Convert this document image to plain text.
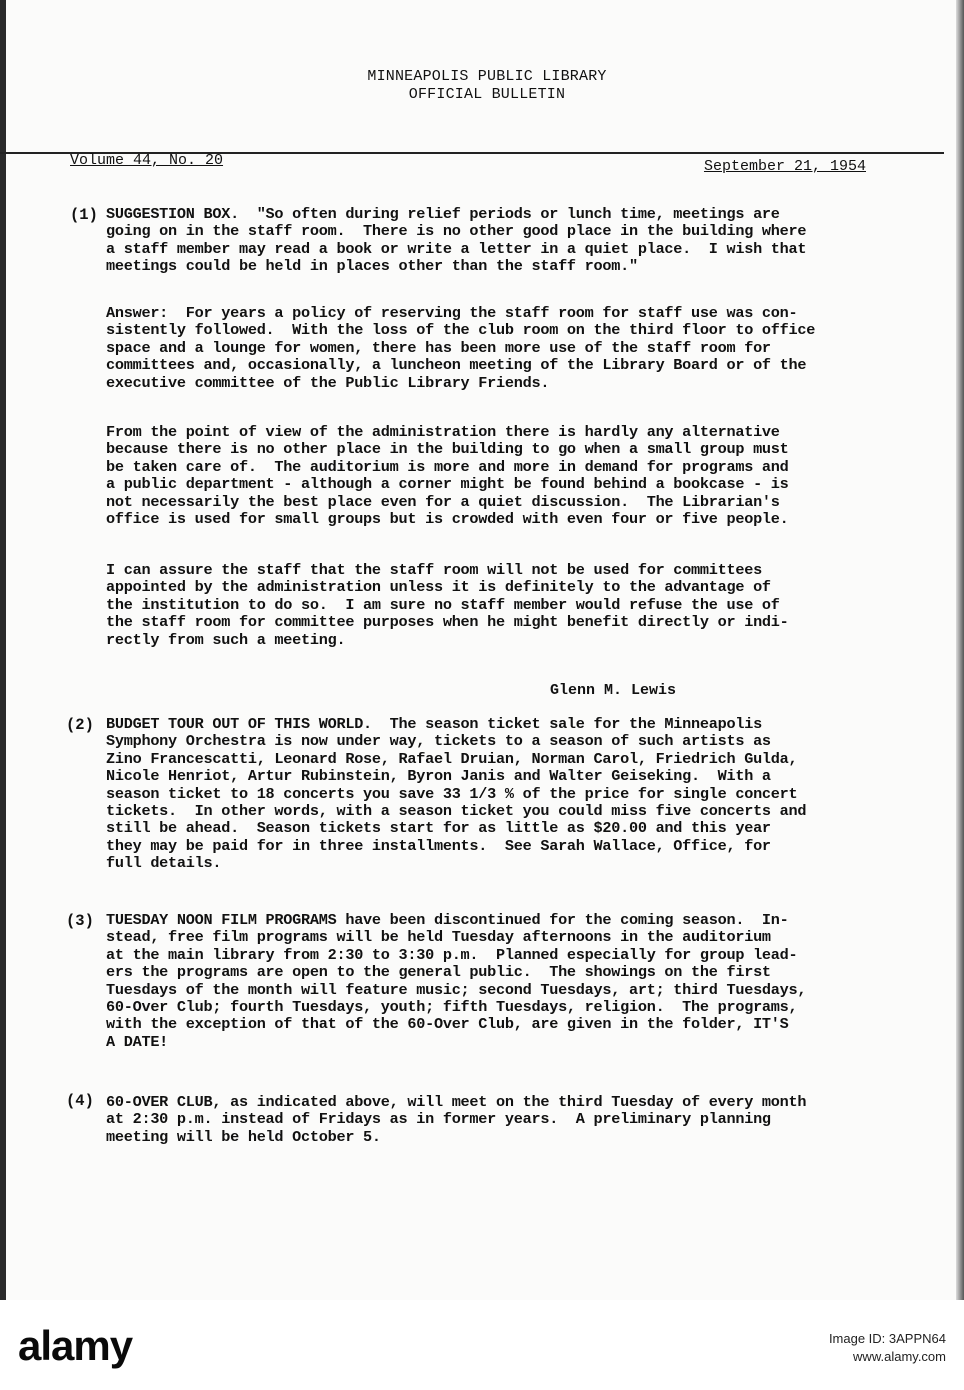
MINNEAPOLIS PUBLIC LIBRARY
OFFICIAL BULLETIN
Volume 44, No. 20	September 21, 1954
(1) SUGGESTION BOX.  "So often during relief periods or lunch time, meetings are
going on in the staff room.  There is no other good place in the building where
a staff member may read a book or write a letter in a quiet place.  I wish that
meetings could be held in places other than the staff room."
Answer:  For years a policy of reserving the staff room for staff use was con-
sistently followed.  With the loss of the club room on the third floor to office
space and a lounge for women, there has been more use of the staff room for
committees and, occasionally, a luncheon meeting of the Library Board or of the
executive committee of the Public Library Friends.
From the point of view of the administration there is hardly any alternative
because there is no other place in the building to go when a small group must
be taken care of.  The auditorium is more and more in demand for programs and
a public department - although a corner might be found behind a bookcase - is
not necessarily the best place even for a quiet discussion.  The Librarian's
office is used for small groups but is crowded with even four or five people.
I can assure the staff that the staff room will not be used for committees
appointed by the administration unless it is definitely to the advantage of
the institution to do so.  I am sure no staff member would refuse the use of
the staff room for committee purposes when he might benefit directly or indi-
rectly from such a meeting.
Glenn M. Lewis
(2) BUDGET TOUR OUT OF THIS WORLD.  The season ticket sale for the Minneapolis
Symphony Orchestra is now under way, tickets to a season of such artists as
Zino Francescatti, Leonard Rose, Rafael Druian, Norman Carol, Friedrich Gulda,
Nicole Henriot, Artur Rubinstein, Byron Janis and Walter Geiseking.  With a
season ticket to 18 concerts you save 33 1/3 % of the price for single concert
tickets.  In other words, with a season ticket you could miss five concerts and
still be ahead.  Season tickets start for as little as $20.00 and this year
they may be paid for in three installments.  See Sarah Wallace, Office, for
full details.
(3) TUESDAY NOON FILM PROGRAMS have been discontinued for the coming season.  In-
stead, free film programs will be held Tuesday afternoons in the auditorium
at the main library from 2:30 to 3:30 p.m.  Planned especially for group lead-
ers the programs are open to the general public.  The showings on the first
Tuesdays of the month will feature music; second Tuesdays, art; third Tuesdays,
60-Over Club; fourth Tuesdays, youth; fifth Tuesdays, religion.  The programs,
with the exception of that of the 60-Over Club, are given in the folder, IT'S
A DATE!
(4) 60-OVER CLUB, as indicated above, will meet on the third Tuesday of every month
at 2:30 p.m. instead of Fridays as in former years.  A preliminary planning
meeting will be held October 5.
alamy	Image ID: 3APPN64
www.alamy.com
